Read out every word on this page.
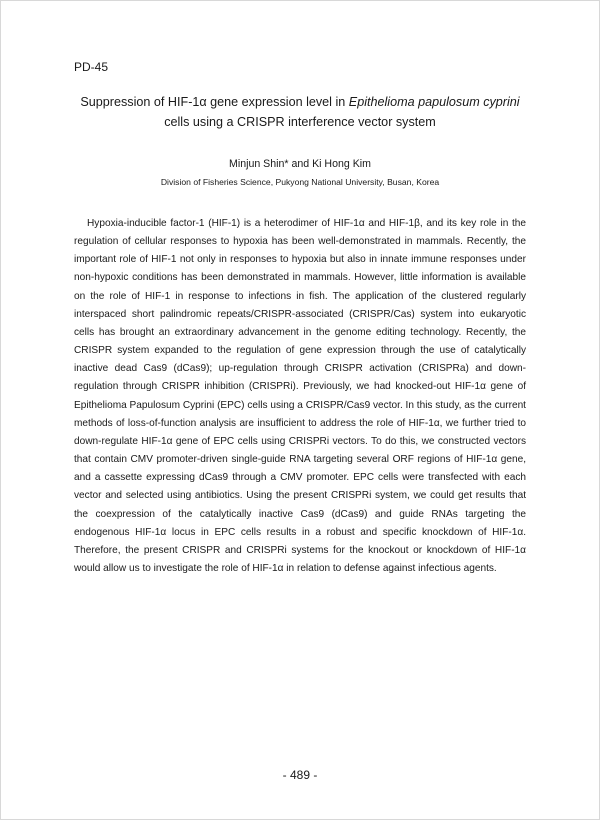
PD-45
Suppression of HIF-1α gene expression level in Epithelioma papulosum cyprini
cells using a CRISPR interference vector system
Minjun Shin* and Ki Hong Kim
Division of Fisheries Science, Pukyong National University, Busan, Korea

Hypoxia-inducible factor-1 (HIF-1) is a heterodimer of HIF-1α and HIF-1β, and its key role in the regulation of cellular responses to hypoxia has been well-demonstrated in mammals. Recently, the important role of HIF-1 not only in responses to hypoxia but also in innate immune responses under non-hypoxic conditions has been demonstrated in mammals. However, little information is available on the role of HIF-1 in response to infections in fish. The application of the clustered regularly interspaced short palindromic repeats/CRISPR-associated (CRISPR/Cas) system into eukaryotic cells has brought an extraordinary advancement in the genome editing technology. Recently, the CRISPR system expanded to the regulation of gene expression through the use of catalytically inactive dead Cas9 (dCas9); up-regulation through CRISPR activation (CRISPRa) and down-regulation through CRISPR inhibition (CRISPRi). Previously, we had knocked-out HIF-1α gene of Epithelioma Papulosum Cyprini (EPC) cells using a CRISPR/Cas9 vector. In this study, as the current methods of loss-of-function analysis are insufficient to address the role of HIF-1α, we further tried to down-regulate HIF-1α gene of EPC cells using CRISPRi vectors. To do this, we constructed vectors that contain CMV promoter-driven single-guide RNA targeting several ORF regions of HIF-1α gene, and a cassette expressing dCas9 through a CMV promoter. EPC cells were transfected with each vector and selected using antibiotics. Using the present CRISPRi system, we could get results that the coexpression of the catalytically inactive Cas9 (dCas9) and guide RNAs targeting the endogenous HIF-1α locus in EPC cells results in a robust and specific knockdown of HIF-1α. Therefore, the present CRISPR and CRISPRi systems for the knockout or knockdown of HIF-1α would allow us to investigate the role of HIF-1α in relation to defense against infectious agents.

- 489 -
